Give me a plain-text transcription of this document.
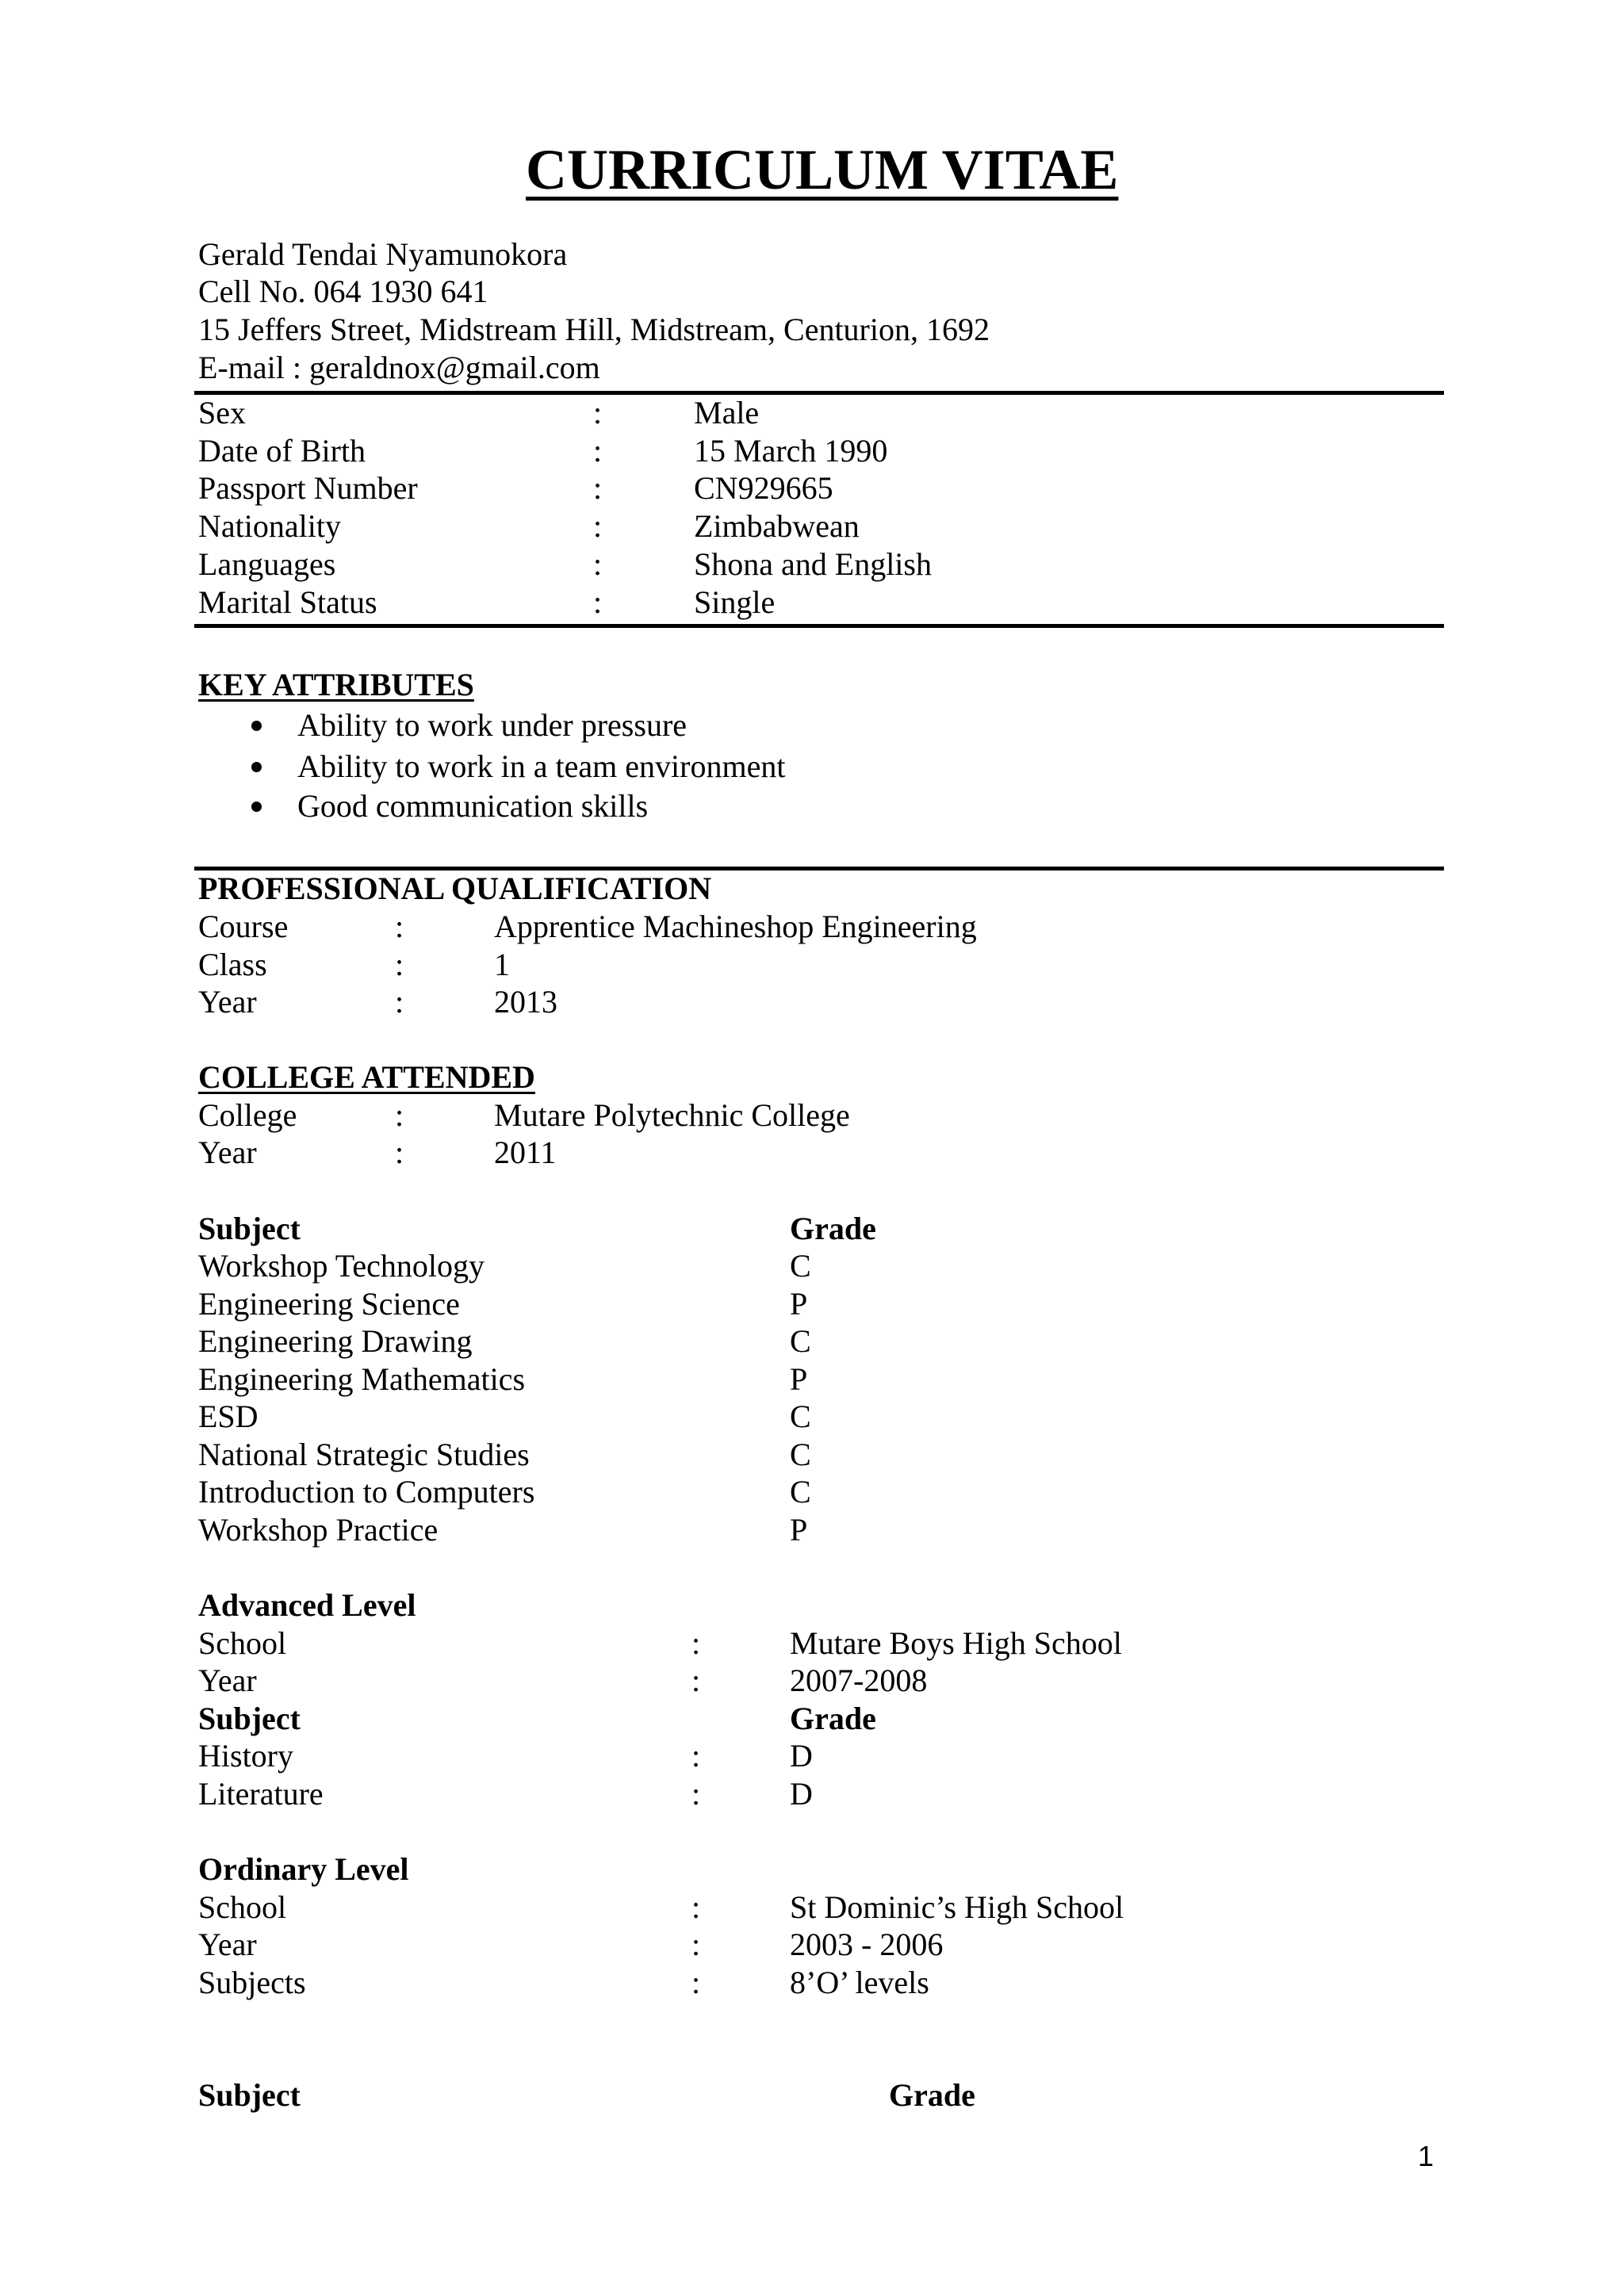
CURRICULUM VITAE
Gerald Tendai Nyamunokora
Cell No. 064 1930 641
15 Jeffers Street, Midstream Hill, Midstream, Centurion, 1692
E-mail : geraldnox@gmail.com
Sex	:	Male
Date of Birth	:	15 March 1990
Passport Number	:	CN929665
Nationality	:	Zimbabwean
Languages	:	Shona and English
Marital Status	:	Single
KEY ATTRIBUTES
Ability to work under pressure
Ability to work in a team environment
Good communication skills
PROFESSIONAL QUALIFICATION
Course	:	Apprentice Machineshop Engineering
Class	:	1
Year	:	2013
COLLEGE ATTENDED
College	:	Mutare Polytechnic College
Year	:	2011
Subject	Grade
Workshop Technology	C
Engineering Science	P
Engineering Drawing	C
Engineering Mathematics	P
ESD	C
National Strategic Studies	C
Introduction to Computers	C
Workshop Practice	P
Advanced Level
School	:	Mutare Boys High School
Year	:	2007-2008
Subject	Grade
History	:	D
Literature	:	D
Ordinary Level
School	:	St Dominic’s High School
Year	:	2003 - 2006
Subjects	:	8’O’ levels
Subject	Grade
1
